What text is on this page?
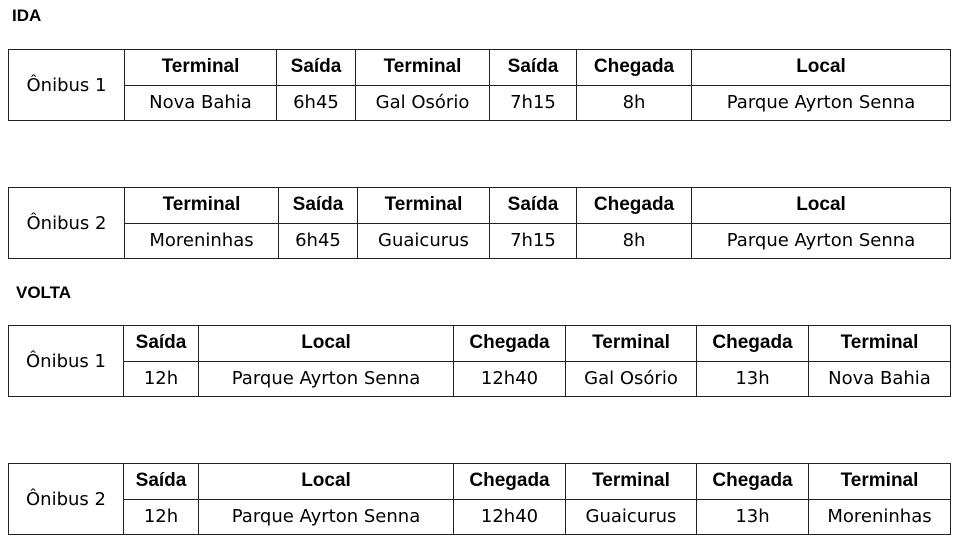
IDA
Ônibus 1	Terminal	Saída	Terminal	Saída	Chegada	Local
	Nova Bahia	6h45	Gal Osório	7h15	8h	Parque Ayrton Senna
Ônibus 2	Terminal	Saída	Terminal	Saída	Chegada	Local
	Moreninhas	6h45	Guaicurus	7h15	8h	Parque Ayrton Senna
VOLTA
Ônibus 1	Saída	Local	Chegada	Terminal	Chegada	Terminal
	12h	Parque Ayrton Senna	12h40	Gal Osório	13h	Nova Bahia
Ônibus 2	Saída	Local	Chegada	Terminal	Chegada	Terminal
	12h	Parque Ayrton Senna	12h40	Guaicurus	13h	Moreninhas
